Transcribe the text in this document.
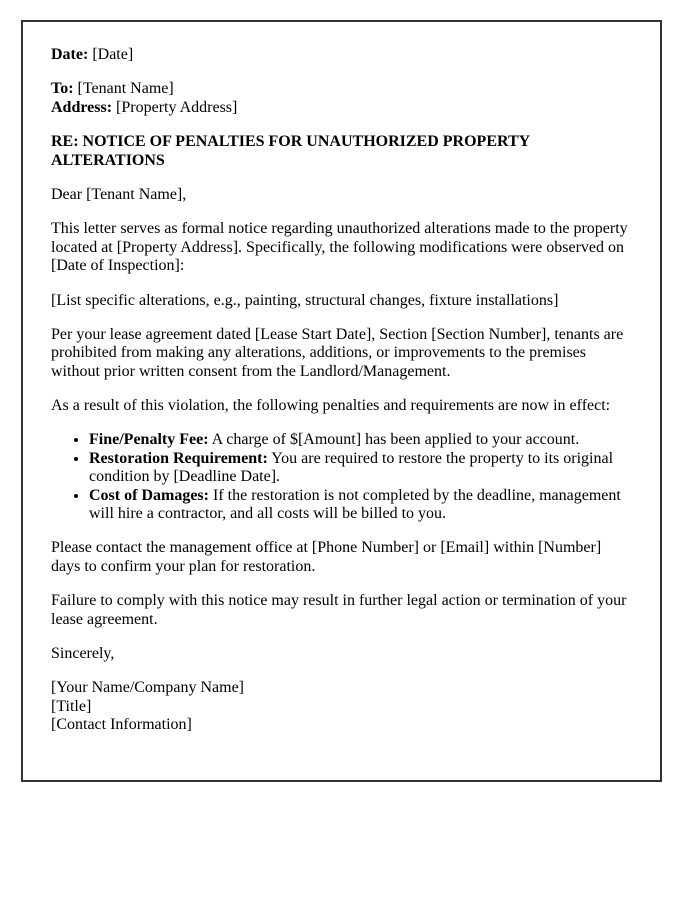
Date: [Date]

To: [Tenant Name]
Address: [Property Address]

RE: NOTICE OF PENALTIES FOR UNAUTHORIZED PROPERTY ALTERATIONS

Dear [Tenant Name],

This letter serves as formal notice regarding unauthorized alterations made to the property located at [Property Address]. Specifically, the following modifications were observed on [Date of Inspection]:

[List specific alterations, e.g., painting, structural changes, fixture installations]

Per your lease agreement dated [Lease Start Date], Section [Section Number], tenants are prohibited from making any alterations, additions, or improvements to the premises without prior written consent from the Landlord/Management.

As a result of this violation, the following penalties and requirements are now in effect:

• Fine/Penalty Fee: A charge of $[Amount] has been applied to your account.
• Restoration Requirement: You are required to restore the property to its original condition by [Deadline Date].
• Cost of Damages: If the restoration is not completed by the deadline, management will hire a contractor, and all costs will be billed to you.

Please contact the management office at [Phone Number] or [Email] within [Number] days to confirm your plan for restoration.

Failure to comply with this notice may result in further legal action or termination of your lease agreement.

Sincerely,

[Your Name/Company Name]
[Title]
[Contact Information]
